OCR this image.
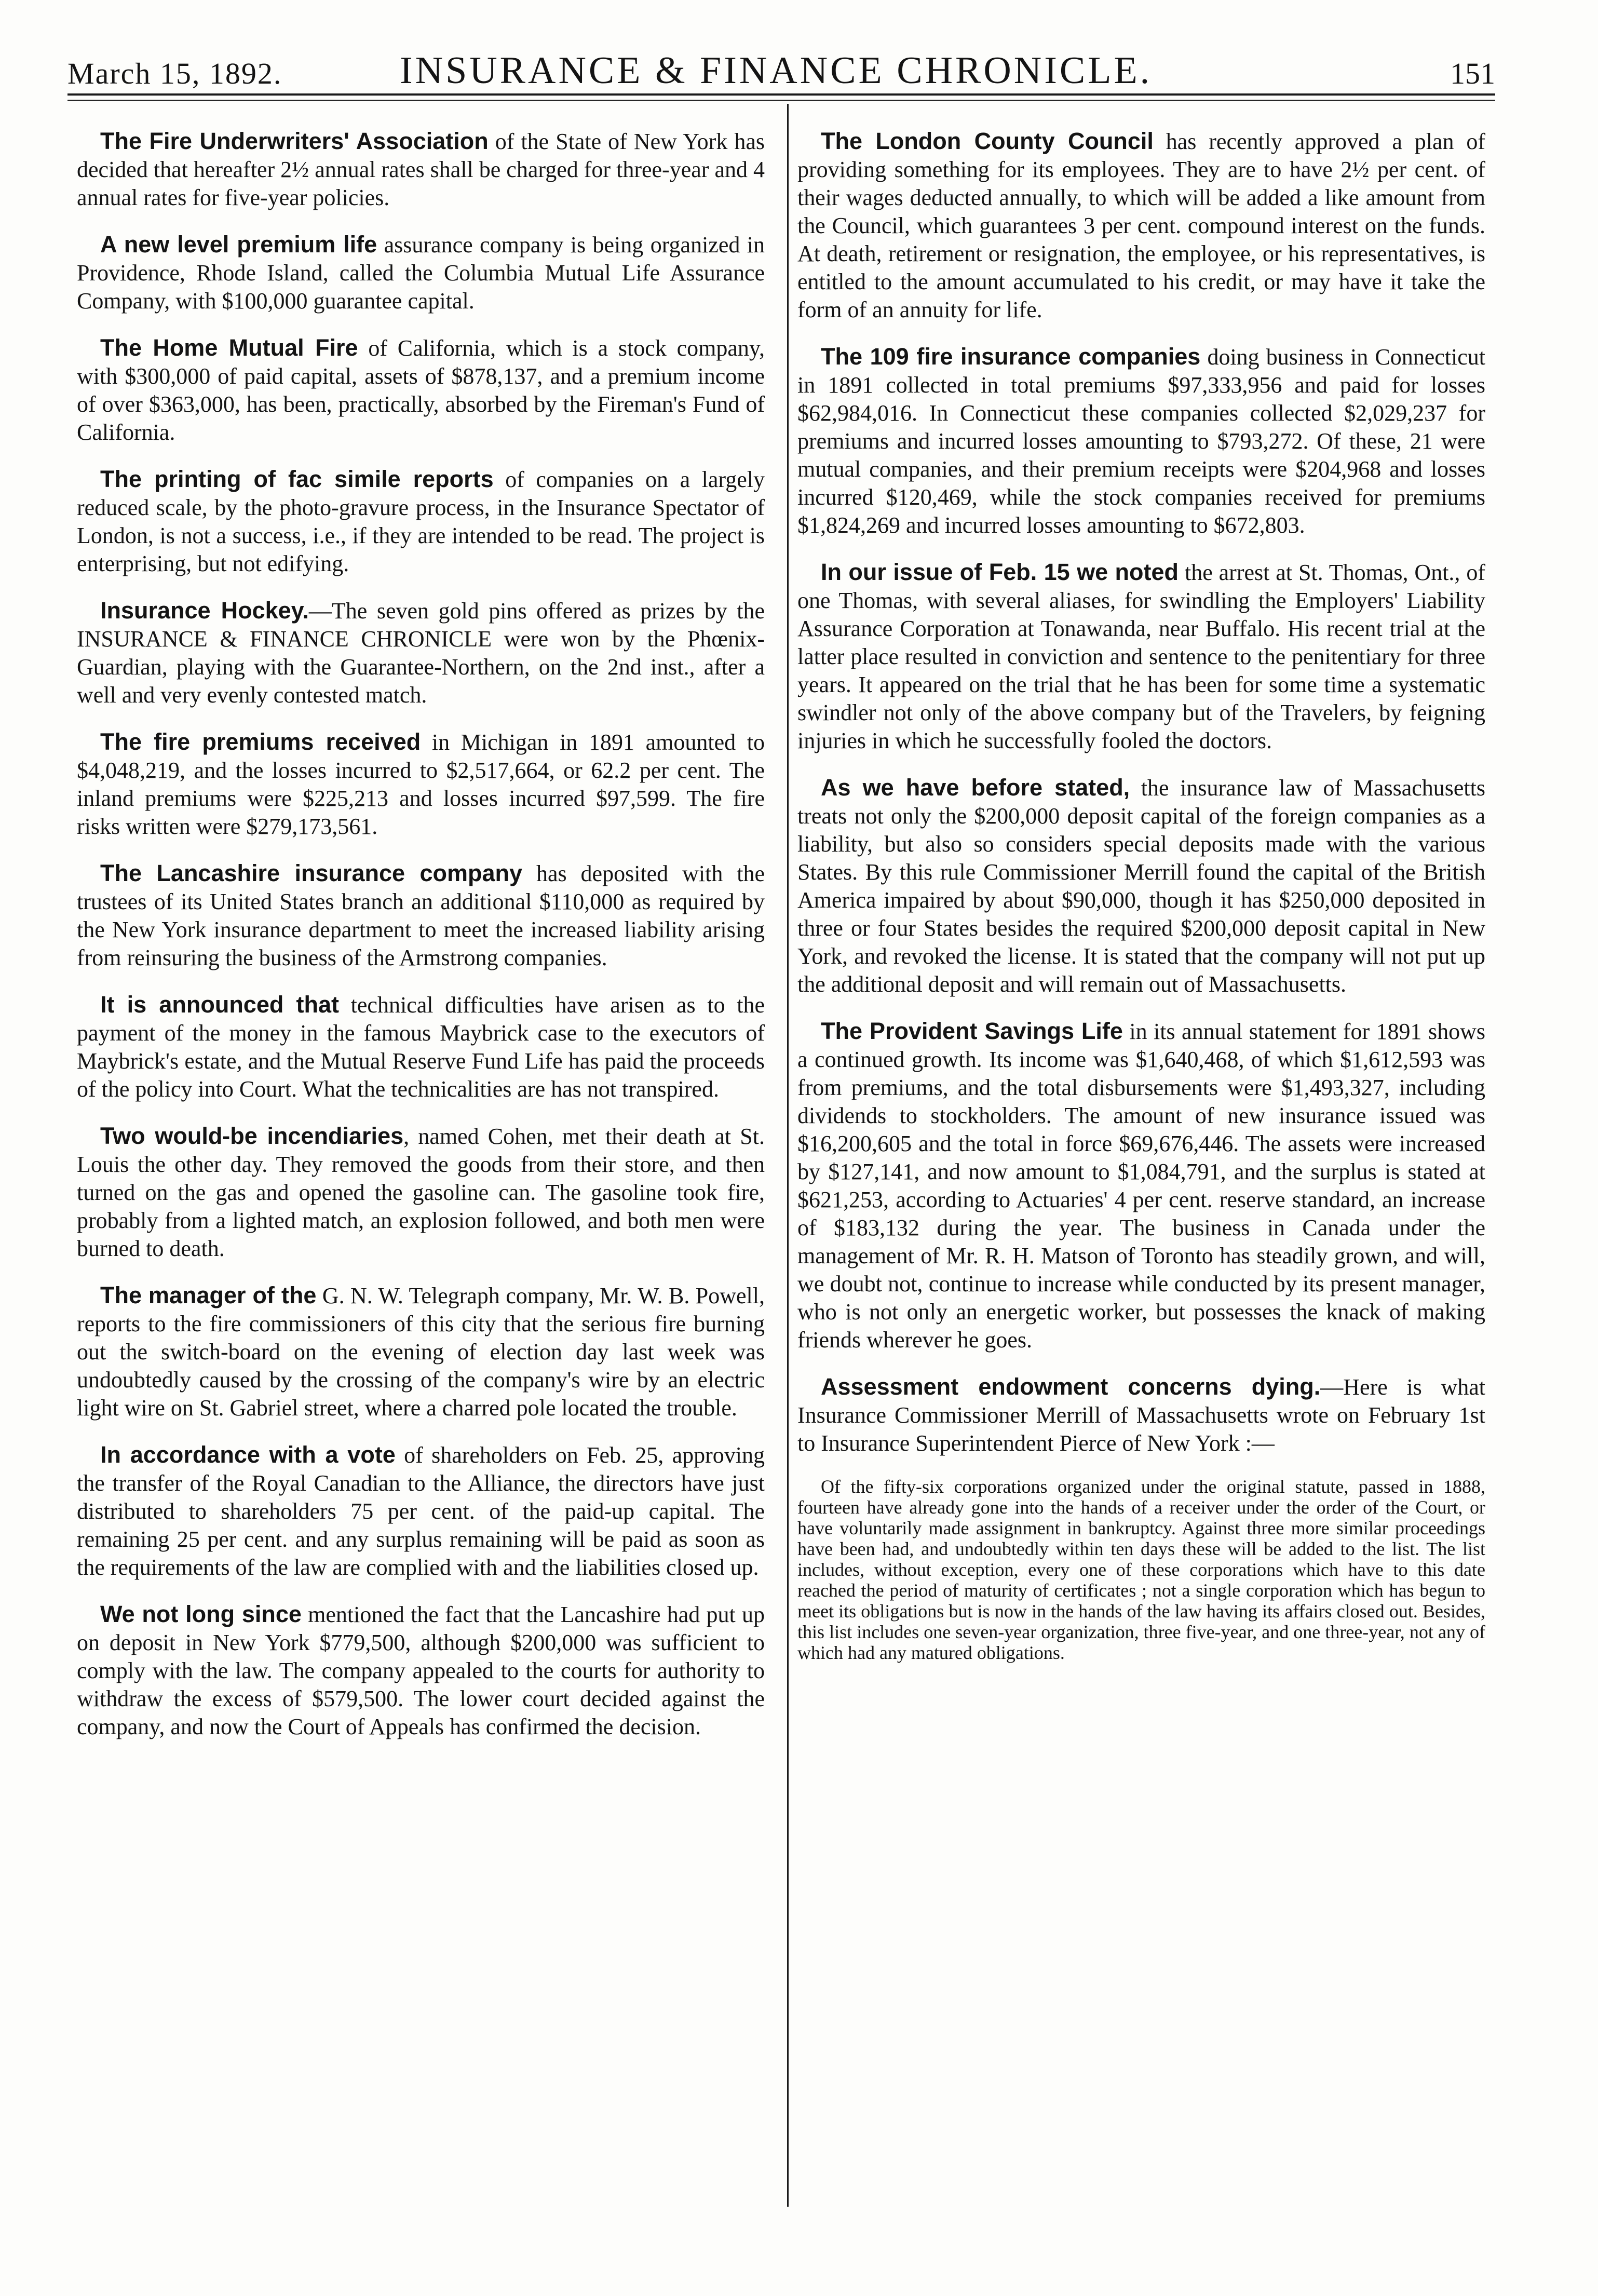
March 15, 1892.	INSURANCE & FINANCE CHRONICLE.	151

The Fire Underwriters' Association of the State of New York has decided that hereafter 2½ annual rates shall be charged for three-year and 4 annual rates for five-year policies.

A new level premium life assurance company is being organized in Providence, Rhode Island, called the Columbia Mutual Life Assurance Company, with $100,000 guarantee capital.

The Home Mutual Fire of California, which is a stock company, with $300,000 of paid capital, assets of $878,137, and a premium income of over $363,000, has been, practically, absorbed by the Fireman's Fund of California.

The printing of fac simile reports of companies on a largely reduced scale, by the photo-gravure process, in the Insurance Spectator of London, is not a success, i.e., if they are intended to be read. The project is enterprising, but not edifying.

Insurance Hockey.—The seven gold pins offered as prizes by the INSURANCE & FINANCE CHRONICLE were won by the Phœnix-Guardian, playing with the Guarantee-Northern, on the 2nd inst., after a well and very evenly contested match.

The fire premiums received in Michigan in 1891 amounted to $4,048,219, and the losses incurred to $2,517,664, or 62.2 per cent. The inland premiums were $225,213 and losses incurred $97,599. The fire risks written were $279,173,561.

The Lancashire insurance company has deposited with the trustees of its United States branch an additional $110,000 as required by the New York insurance department to meet the increased liability arising from reinsuring the business of the Armstrong companies.

It is announced that technical difficulties have arisen as to the payment of the money in the famous Maybrick case to the executors of Maybrick's estate, and the Mutual Reserve Fund Life has paid the proceeds of the policy into Court. What the technicalities are has not transpired.

Two would-be incendiaries, named Cohen, met their death at St. Louis the other day. They removed the goods from their store, and then turned on the gas and opened the gasoline can. The gasoline took fire, probably from a lighted match, an explosion followed, and both men were burned to death.

The manager of the G. N. W. Telegraph company, Mr. W. B. Powell, reports to the fire commissioners of this city that the serious fire burning out the switch-board on the evening of election day last week was undoubtedly caused by the crossing of the company's wire by an electric light wire on St. Gabriel street, where a charred pole located the trouble.

In accordance with a vote of shareholders on Feb. 25, approving the transfer of the Royal Canadian to the Alliance, the directors have just distributed to shareholders 75 per cent. of the paid-up capital. The remaining 25 per cent. and any surplus remaining will be paid as soon as the requirements of the law are complied with and the liabilities closed up.

We not long since mentioned the fact that the Lancashire had put up on deposit in New York $779,500, although $200,000 was sufficient to comply with the law. The company appealed to the courts for authority to withdraw the excess of $579,500. The lower court decided against the company, and now the Court of Appeals has confirmed the decision.

The London County Council has recently approved a plan of providing something for its employees. They are to have 2½ per cent. of their wages deducted annually, to which will be added a like amount from the Council, which guarantees 3 per cent. compound interest on the funds. At death, retirement or resignation, the employee, or his representatives, is entitled to the amount accumulated to his credit, or may have it take the form of an annuity for life.

The 109 fire insurance companies doing business in Connecticut in 1891 collected in total premiums $97,333,956 and paid for losses $62,984,016. In Connecticut these companies collected $2,029,237 for premiums and incurred losses amounting to $793,272. Of these, 21 were mutual companies, and their premium receipts were $204,968 and losses incurred $120,469, while the stock companies received for premiums $1,824,269 and incurred losses amounting to $672,803.

In our issue of Feb. 15 we noted the arrest at St. Thomas, Ont., of one Thomas, with several aliases, for swindling the Employers' Liability Assurance Corporation at Tonawanda, near Buffalo. His recent trial at the latter place resulted in conviction and sentence to the penitentiary for three years. It appeared on the trial that he has been for some time a systematic swindler not only of the above company but of the Travelers, by feigning injuries in which he successfully fooled the doctors.

As we have before stated, the insurance law of Massachusetts treats not only the $200,000 deposit capital of the foreign companies as a liability, but also so considers special deposits made with the various States. By this rule Commissioner Merrill found the capital of the British America impaired by about $90,000, though it has $250,000 deposited in three or four States besides the required $200,000 deposit capital in New York, and revoked the license. It is stated that the company will not put up the additional deposit and will remain out of Massachusetts.

The Provident Savings Life in its annual statement for 1891 shows a continued growth. Its income was $1,640,468, of which $1,612,593 was from premiums, and the total disbursements were $1,493,327, including dividends to stockholders. The amount of new insurance issued was $16,200,605 and the total in force $69,676,446. The assets were increased by $127,141, and now amount to $1,084,791, and the surplus is stated at $621,253, according to Actuaries' 4 per cent. reserve standard, an increase of $183,132 during the year. The business in Canada under the management of Mr. R. H. Matson of Toronto has steadily grown, and will, we doubt not, continue to increase while conducted by its present manager, who is not only an energetic worker, but possesses the knack of making friends wherever he goes.

Assessment endowment concerns dying.—Here is what Insurance Commissioner Merrill of Massachusetts wrote on February 1st to Insurance Superintendent Pierce of New York :—

Of the fifty-six corporations organized under the original statute, passed in 1888, fourteen have already gone into the hands of a receiver under the order of the Court, or have voluntarily made assignment in bankruptcy. Against three more similar proceedings have been had, and undoubtedly within ten days these will be added to the list. The list includes, without exception, every one of these corporations which have to this date reached the period of maturity of certificates ; not a single corporation which has begun to meet its obligations but is now in the hands of the law having its affairs closed out. Besides, this list includes one seven-year organization, three five-year, and one three-year, not any of which had any matured obligations.
